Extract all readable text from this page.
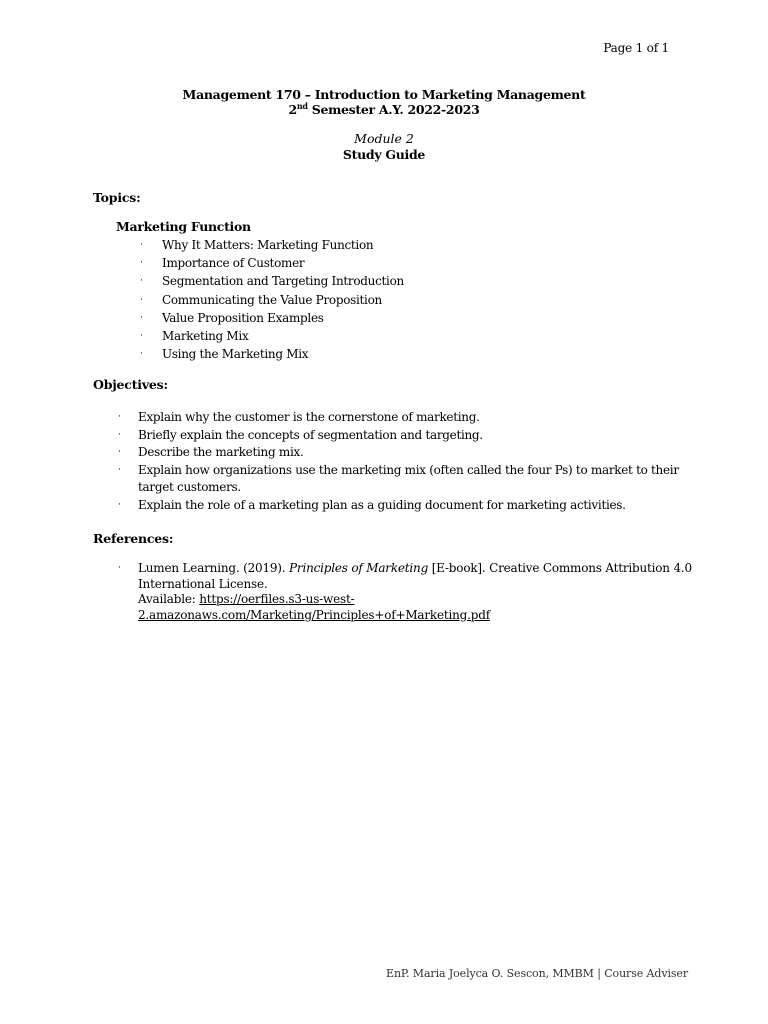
Page 1 of 1
Management 170 – Introduction to Marketing Management
2nd Semester A.Y. 2022-2023
Module 2
Study Guide
Topics:
Marketing Function
· Why It Matters: Marketing Function
· Importance of Customer
· Segmentation and Targeting Introduction
· Communicating the Value Proposition
· Value Proposition Examples
· Marketing Mix
· Using the Marketing Mix
Objectives:
· Explain why the customer is the cornerstone of marketing.
· Briefly explain the concepts of segmentation and targeting.
· Describe the marketing mix.
· Explain how organizations use the marketing mix (often called the four Ps) to market to their target customers.
· Explain the role of a marketing plan as a guiding document for marketing activities.
References:
· Lumen Learning. (2019). Principles of Marketing [E-book]. Creative Commons Attribution 4.0
International License.
Available: https://oerfiles.s3-us-west-2.amazonaws.com/Marketing/Principles+of+Marketing.pdf
EnP. Maria Joelyca O. Sescon, MMBM | Course Adviser
